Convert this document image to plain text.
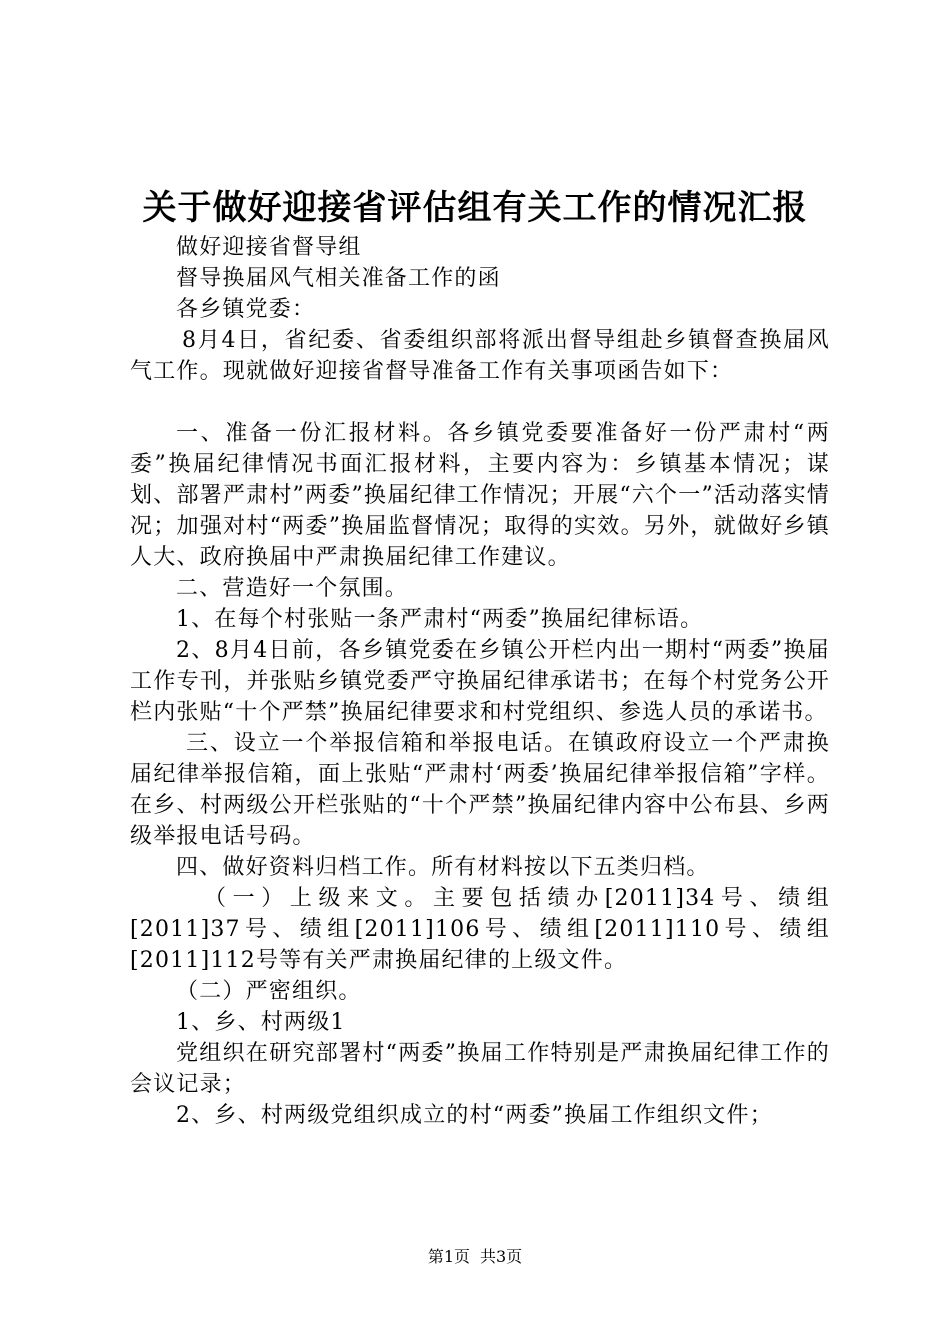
关于做好迎接省评估组有关工作的情况汇报

做好迎接省督导组

督导换届风气相关准备工作的函

各乡镇党委：

8月4日，省纪委、省委组织部将派出督导组赴乡镇督查换届风气工作。现就做好迎接省督导准备工作有关事项函告如下：

一、准备一份汇报材料。各乡镇党委要准备好一份严肃村“两委”换届纪律情况书面汇报材料，主要内容为：乡镇基本情况；谋划、部署严肃村”两委”换届纪律工作情况；开展“六个一”活动落实情况；加强对村“两委”换届监督情况；取得的实效。另外，就做好乡镇人大、政府换届中严肃换届纪律工作建议。

二、营造好一个氛围。

1、在每个村张贴一条严肃村“两委”换届纪律标语。

2、8月4日前，各乡镇党委在乡镇公开栏内出一期村“两委”换届工作专刊，并张贴乡镇党委严守换届纪律承诺书；在每个村党务公开栏内张贴“十个严禁”换届纪律要求和村党组织、参选人员的承诺书。

三、设立一个举报信箱和举报电话。在镇政府设立一个严肃换届纪律举报信箱，面上张贴“严肃村‘两委’换届纪律举报信箱”字样。在乡、村两级公开栏张贴的“十个严禁”换届纪律内容中公布县、乡两级举报电话号码。

四、做好资料归档工作。所有材料按以下五类归档。

（一）上级来文。主要包括绩办[2011]34号、绩组[2011]37号、绩组[2011]106号、绩组[2011]110号、绩组[2011]112号等有关严肃换届纪律的上级文件。

（二）严密组织。

1、乡、村两级1

党组织在研究部署村“两委”换届工作特别是严肃换届纪律工作的会议记录；

2、乡、村两级党组织成立的村“两委”换届工作组织文件；

第1页 共3页
